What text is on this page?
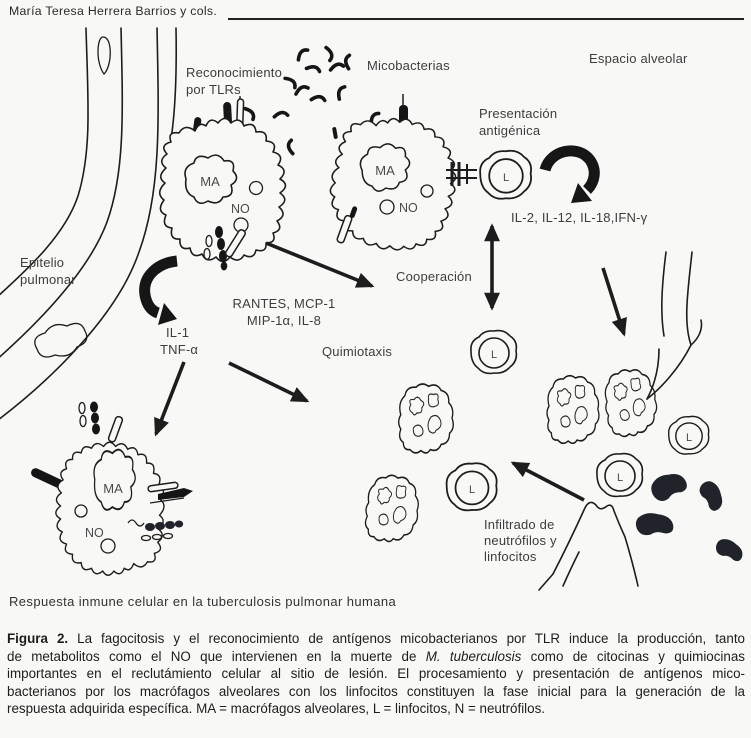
María Teresa Herrera Barrios y cols.
MA
NO
MA
NO
L
MA
NO
L
L
L
L
Reconocimiento
por TLRs
Micobacterias	Espacio alveolar
Presentación
antigénica
IL-2, IL-12, IL-18,IFN-γ
Epitelio
pulmonar	Cooperación
RANTES, MCP-1
MIP-1α, IL-8
IL-1
TNF-α	Quimiotaxis
Infiltrado de
neutrófilos y
linfocitos
Respuesta inmune celular en la tuberculosis pulmonar humana
Figura 2. La fagocitosis y el reconocimiento de antígenos micobacterianos por TLR induce la producción, tanto
de metabolitos como el NO que intervienen en la muerte de M. tuberculosis como de citocinas y quimiocinas
importantes en el reclutámiento celular al sitio de lesión. El procesamiento y presentación de antígenos mico-
bacterianos por los macrófagos alveolares con los linfocitos constituyen la fase inicial para la generación de la
respuesta adquirida específica. MA = macrófagos alveolares, L = linfocitos, N = neutrófilos.
